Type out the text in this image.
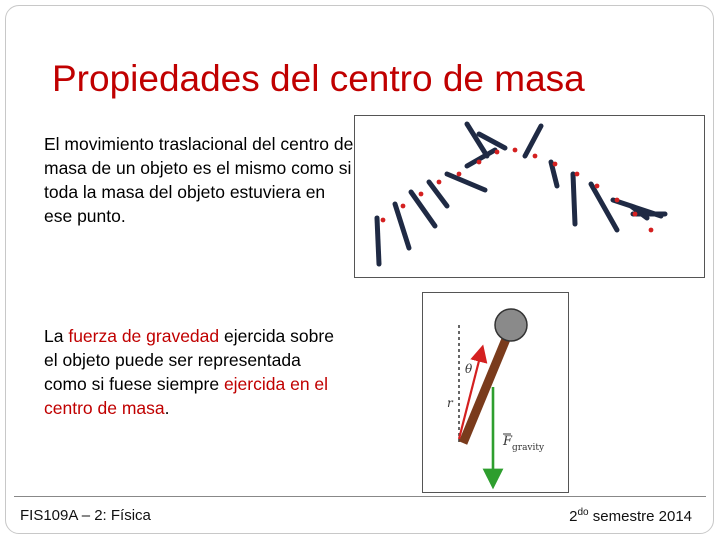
Propiedades del centro de masa
El movimiento traslacional del centro de masa de un objeto es el mismo como si toda la masa del objeto estuviera en ese punto.
La fuerza de gravedad ejercida sobre el objeto puede ser representada como si fuese siempre ejercida en el centro de masa.
θ
r
F gravity
FIS109A – 2: Física	$2^{do}$ semestre 2014
